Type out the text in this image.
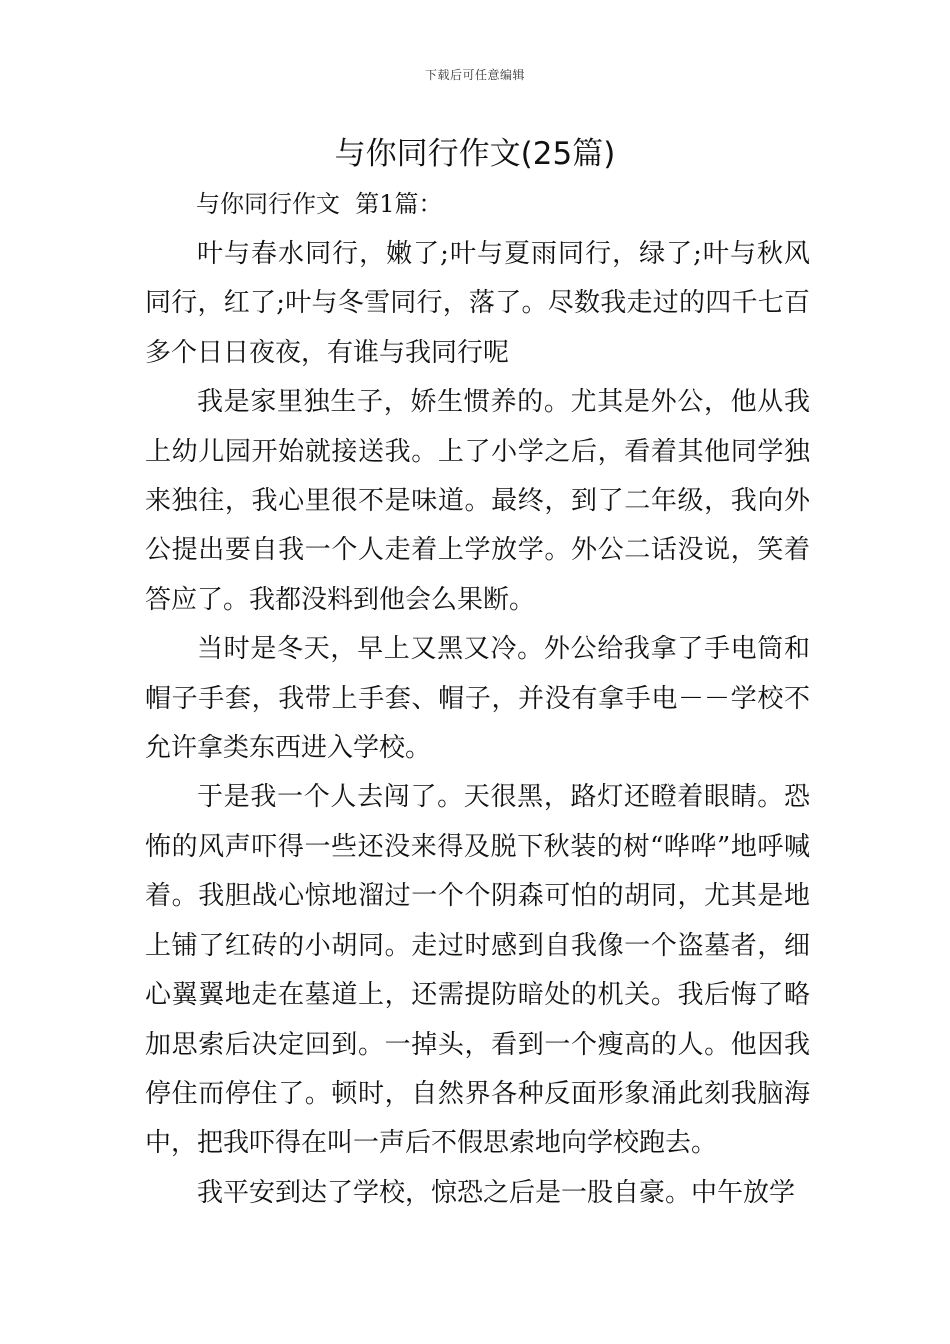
下载后可任意编辑
与你同行作文(25篇)
与你同行作文  第1篇：

叶与春水同行，嫩了;叶与夏雨同行，绿了;叶与秋风同行，红了;叶与冬雪同行，落了。尽数我走过的四千七百多个日日夜夜，有谁与我同行呢

我是家里独生子，娇生惯养的。尤其是外公，他从我上幼儿园开始就接送我。上了小学之后，看着其他同学独来独往，我心里很不是味道。最终，到了二年级，我向外公提出要自我一个人走着上学放学。外公二话没说，笑着答应了。我都没料到他会么果断。

当时是冬天，早上又黑又冷。外公给我拿了手电筒和帽子手套，我带上手套、帽子，并没有拿手电－－学校不允许拿类东西进入学校。

于是我一个人去闯了。天很黑，路灯还瞪着眼睛。恐怖的风声吓得一些还没来得及脱下秋装的树“哗哗”地呼喊着。我胆战心惊地溜过一个个阴森可怕的胡同，尤其是地上铺了红砖的小胡同。走过时感到自我像一个盗墓者，细心翼翼地走在墓道上，还需提防暗处的机关。我后悔了略加思索后决定回到。一掉头，看到一个瘦高的人。他因我停住而停住了。顿时，自然界各种反面形象涌此刻我脑海中，把我吓得在叫一声后不假思索地向学校跑去。

我平安到达了学校，惊恐之后是一股自豪。中午放学
